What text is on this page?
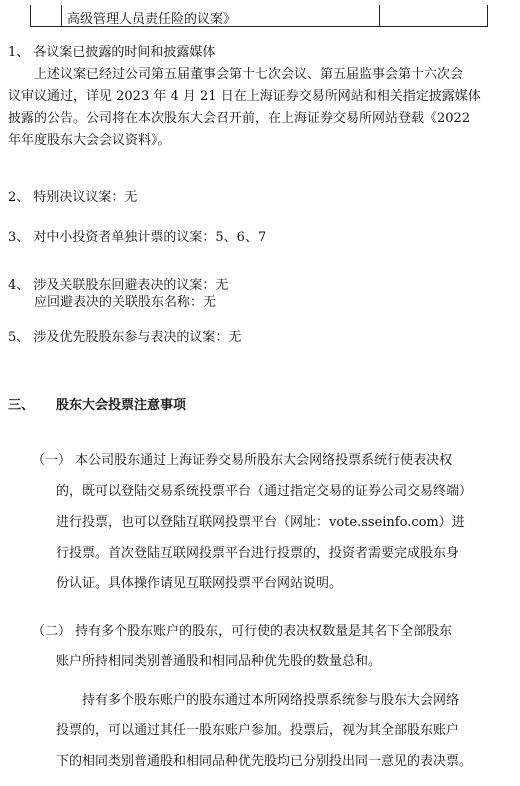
高级管理人员责任险的议案》
1、 各议案已披露的时间和披露媒体
上述议案已经过公司第五届董事会第十七次会议、第五届监事会第十六次会
议审议通过，详见 2023 年 4 月 21 日在上海证券交易所网站和相关指定披露媒体
披露的公告。公司将在本次股东大会召开前，在上海证券交易所网站登载《2022
年年度股东大会会议资料》。
2、 特别决议议案：无
3、 对中小投资者单独计票的议案：5、6、7
4、 涉及关联股东回避表决的议案：无
应回避表决的关联股东名称：无
5、 涉及优先股股东参与表决的议案：无
三、 股东大会投票注意事项
（一） 本公司股东通过上海证券交易所股东大会网络投票系统行使表决权
的，既可以登陆交易系统投票平台（通过指定交易的证券公司交易终端）
进行投票，也可以登陆互联网投票平台（网址：vote.sseinfo.com）进
行投票。首次登陆互联网投票平台进行投票的，投资者需要完成股东身
份认证。具体操作请见互联网投票平台网站说明。
（二） 持有多个股东账户的股东，可行使的表决权数量是其名下全部股东
账户所持相同类别普通股和相同品种优先股的数量总和。
持有多个股东账户的股东通过本所网络投票系统参与股东大会网络
投票的，可以通过其任一股东账户参加。投票后，视为其全部股东账户
下的相同类别普通股和相同品种优先股均已分别投出同一意见的表决票。
